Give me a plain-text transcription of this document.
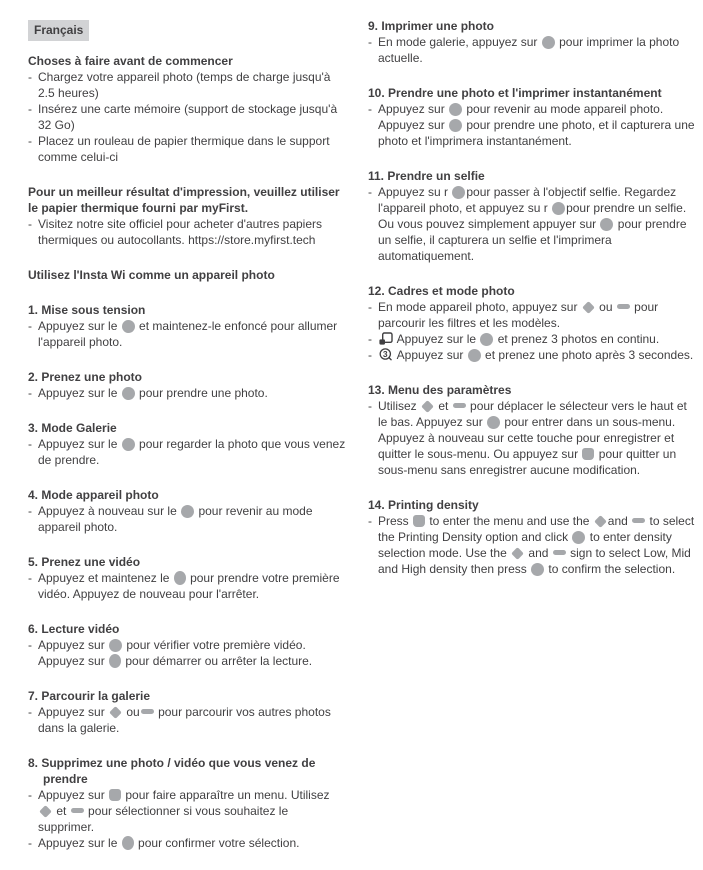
Français
Choses à faire avant de commencer
- Chargez votre appareil photo (temps de charge jusqu'à 2.5 heures)
- Insérez une carte mémoire (support de stockage jusqu'à 32 Go)
- Placez un rouleau de papier thermique dans le support comme celui-ci
Pour un meilleur résultat d'impression, veuillez utiliser le papier thermique fourni par myFirst.
- Visitez notre site officiel pour acheter d'autres papiers thermiques ou autocollants. https://store.myfirst.tech
Utilisez l'Insta Wi comme un appareil photo
1. Mise sous tension
- Appuyez sur le  et maintenez-le enfoncé pour allumer l'appareil photo.
2. Prenez une photo
- Appuyez sur le  pour prendre une photo.
3. Mode Galerie
- Appuyez sur le  pour regarder la photo que vous venez de prendre.
4. Mode appareil photo
- Appuyez à nouveau sur le  pour revenir au mode appareil photo.
5. Prenez une vidéo
- Appuyez et maintenez le  pour prendre votre première vidéo. Appuyez de nouveau pour l'arrêter.
6. Lecture vidéo
- Appuyez sur  pour vérifier votre première vidéo.
Appuyez sur  pour démarrer ou arrêter la lecture.
7. Parcourir la galerie
- Appuyez sur
ou pour parcourir vos autres photos dans la galerie.
8. Supprimez une photo / vidéo que vous venez de prendre
- Appuyez sur  pour faire apparaître un menu. Utilisez
et  pour sélectionner si vous souhaitez le supprimer.
- Appuyez sur le  pour confirmer votre sélection.
9. Imprimer une photo
- En mode galerie, appuyez sur  pour imprimer la photo actuelle.
10. Prendre une photo et l'imprimer instantanément
- Appuyez sur  pour revenir au mode appareil photo.
Appuyez sur  pour prendre une photo, et il capturera une photo et l'imprimera instantanément.
11. Prendre un selfie
- Appuyez su r pour passer à l'objectif selfie. Regardez l'appareil photo, et appuyez su r pour prendre un selfie. Ou vous pouvez simplement appuyer sur  pour prendre un selfie, il capturera un selfie et l'imprimera automatiquement.
12. Cadres et mode photo
- En mode appareil photo, appuyez sur
ou  pour parcourir les filtres et les modèles.
-
Appuyez sur le  et prenez 3 photos en continu.
- 3 Appuyez sur  et prenez une photo après 3 secondes.
13. Menu des paramètres
- Utilisez
et  pour déplacer le sélecteur vers le haut et le bas. Appuyez sur  pour entrer dans un sous-menu. Appuyez à nouveau sur cette touche pour enregistrer et quitter le sous-menu. Ou appuyez sur  pour quitter un sous-menu sans enregistrer aucune modification.
14. Printing density
- Press  to enter the menu and use the
and  to select the Printing Density option and click  to enter density selection mode. Use the
and  sign to select Low, Mid and High density then press  to confirm the selection.
